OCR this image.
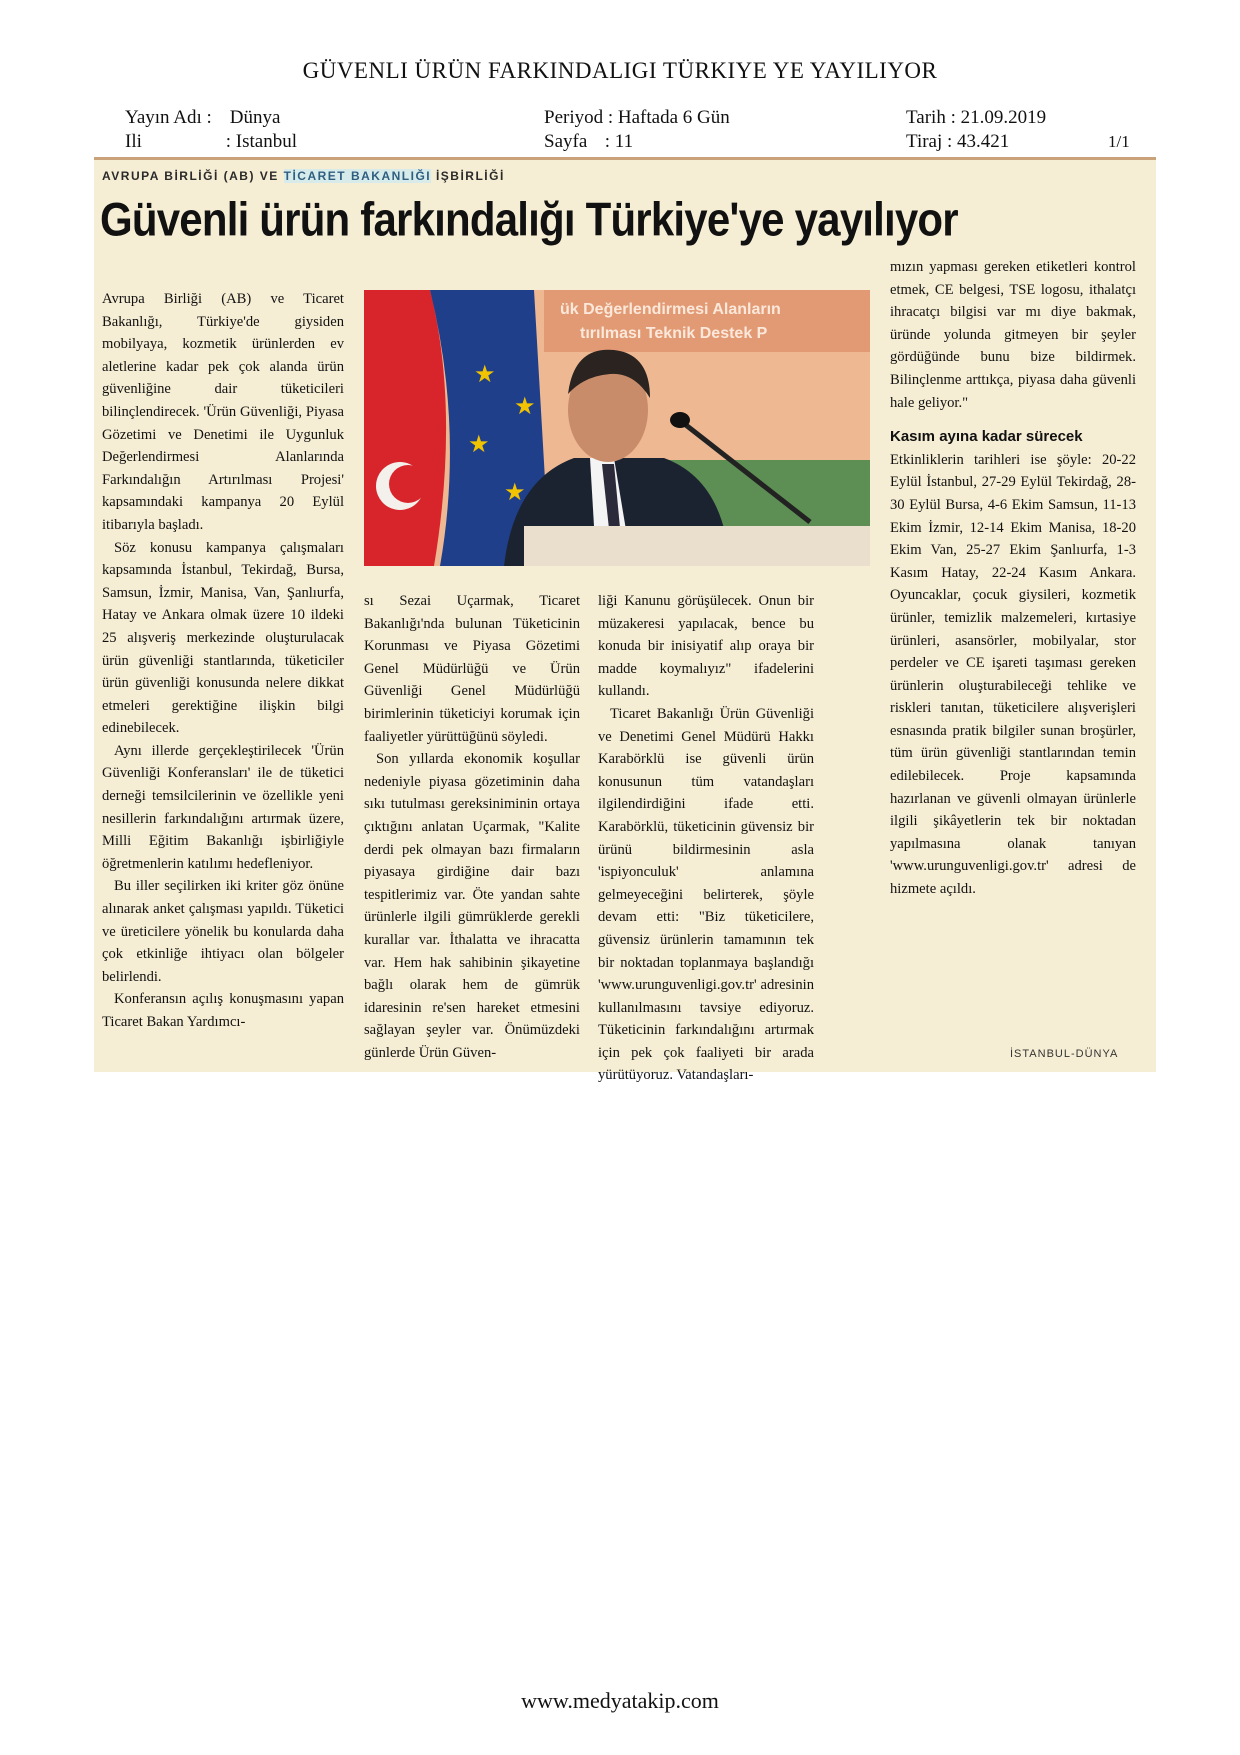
GÜVENLI ÜRÜN FARKINDALIGI TÜRKIYE YE YAYILIYOR
Yayın Adı : Dünya
Ili	: Istanbul
Periyod : Haftada 6 Gün
Sayfa : 11
Tarih : 21.09.2019
Tiraj : 43.421	1/1
AVRUPA BİRLİĞİ (AB) VE TİCARET BAKANLIĞI İŞBİRLİĞİ
Güvenli ürün farkındalığı Türkiye'ye yayılıyor

Avrupa Birliği (AB) ve Ticaret Bakanlığı, Türkiye'de giysiden mobilyaya, kozmetik ürünlerden ev aletlerine kadar pek çok alanda ürün güvenliğine dair tüketicileri bilinçlendirecek. 'Ürün Güvenliği, Piyasa Gözetimi ve Denetimi ile Uygunluk Değerlendirmesi Alanlarında Farkındalığın Artırılması Projesi' kapsamındaki kampanya 20 Eylül itibarıyla başladı.

Söz konusu kampanya çalışmaları kapsamında İstanbul, Tekirdağ, Bursa, Samsun, İzmir, Manisa, Van, Şanlıurfa, Hatay ve Ankara olmak üzere 10 ildeki 25 alışveriş merkezinde oluşturulacak ürün güvenliği stantlarında, tüketiciler ürün güvenliği konusunda nelere dikkat etmeleri gerektiğine ilişkin bilgi edinebilecek.

Aynı illerde gerçekleştirilecek 'Ürün Güvenliği Konferansları' ile de tüketici derneği temsilcilerinin ve özellikle yeni nesillerin farkındalığını artırmak üzere, Milli Eğitim Bakanlığı işbirliğiyle öğretmenlerin katılımı hedefleniyor.

Bu iller seçilirken iki kriter göz önüne alınarak anket çalışması yapıldı. Tüketici ve üreticilere yönelik bu konularda daha çok etkinliğe ihtiyacı olan bölgeler belirlendi.

Konferansın açılış konuşmasını yapan Ticaret Bakan Yardımcı-

ük Değerlendirmesi Alanların
tırılması Teknik Destek P
★
★
★
★

sı Sezai Uçarmak, Ticaret Bakanlığı'nda bulunan Tüketicinin Korunması ve Piyasa Gözetimi Genel Müdürlüğü ve Ürün Güvenliği Genel Müdürlüğü birimlerinin tüketiciyi korumak için faaliyetler yürüttüğünü söyledi.

Son yıllarda ekonomik koşullar nedeniyle piyasa gözetiminin daha sıkı tutulması gereksiniminin ortaya çıktığını anlatan Uçarmak, "Kalite derdi pek olmayan bazı firmaların piyasaya girdiğine dair bazı tespitlerimiz var. Öte yandan sahte ürünlerle ilgili gümrüklerde gerekli kurallar var. İthalatta ve ihracatta var. Hem hak sahibinin şikayetine bağlı olarak hem de gümrük idaresinin re'sen hareket etmesini sağlayan şeyler var. Önümüzdeki günlerde Ürün Güven-

liği Kanunu görüşülecek. Onun bir müzakeresi yapılacak, bence bu konuda bir inisiyatif alıp oraya bir madde koymalıyız" ifadelerini kullandı.

Ticaret Bakanlığı Ürün Güvenliği ve Denetimi Genel Müdürü Hakkı Karabörklü ise güvenli ürün konusunun tüm vatandaşları ilgilendirdiğini ifade etti. Karabörklü, tüketicinin güvensiz bir ürünü bildirmesinin asla 'ispiyonculuk' anlamına gelmeyeceğini belirterek, şöyle devam etti: "Biz tüketicilere, güvensiz ürünlerin tamamının tek bir noktadan toplanmaya başlandığı 'www.urunguvenligi.gov.tr' adresinin kullanılmasını tavsiye ediyoruz. Tüketicinin farkındalığını artırmak için pek çok faaliyeti bir arada yürütüyoruz. Vatandaşları-

mızın yapması gereken etiketleri kontrol etmek, CE belgesi, TSE logosu, ithalatçı ihracatçı bilgisi var mı diye bakmak, üründe yolunda gitmeyen bir şeyler gördüğünde bunu bize bildirmek. Bilinçlenme arttıkça, piyasa daha güvenli hale geliyor."

Kasım ayına kadar sürecek

Etkinliklerin tarihleri ise şöyle: 20-22 Eylül İstanbul, 27-29 Eylül Tekirdağ, 28-30 Eylül Bursa, 4-6 Ekim Samsun, 11-13 Ekim İzmir, 12-14 Ekim Manisa, 18-20 Ekim Van, 25-27 Ekim Şanlıurfa, 1-3 Kasım Hatay, 22-24 Kasım Ankara. Oyuncaklar, çocuk giysileri, kozmetik ürünler, temizlik malzemeleri, kırtasiye ürünleri, asansörler, mobilyalar, stor perdeler ve CE işareti taşıması gereken ürünlerin oluşturabileceği tehlike ve riskleri tanıtan, tüketicilere alışverişleri esnasında pratik bilgiler sunan broşürler, tüm ürün güvenliği stantlarından temin edilebilecek. Proje kapsamında hazırlanan ve güvenli olmayan ürünlerle ilgili şikâyetlerin tek bir noktadan yapılmasına olanak tanıyan 'www.urunguvenligi.gov.tr' adresi de hizmete açıldı.

İSTANBUL-DÜNYA
www.medyatakip.com
